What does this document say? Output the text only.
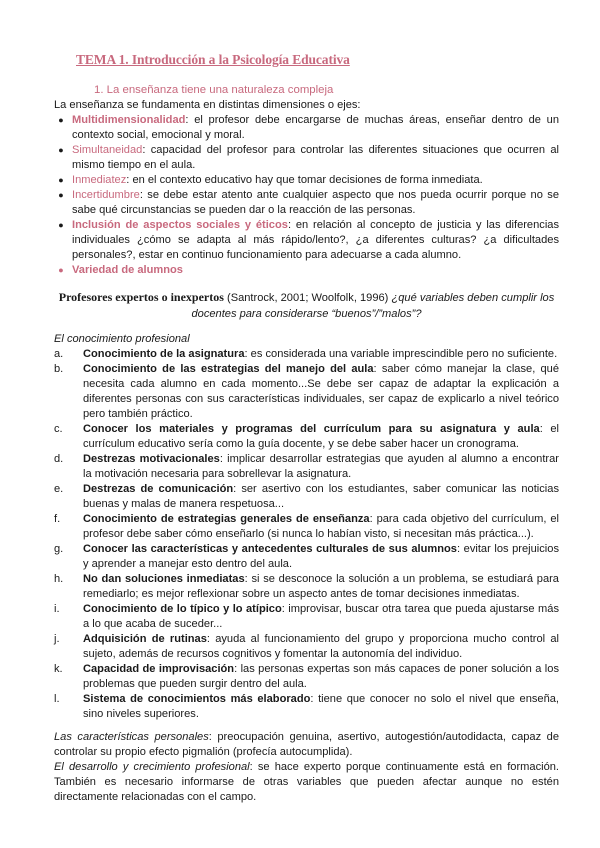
TEMA 1. Introducción a la Psicología Educativa
1. La enseñanza tiene una naturaleza compleja
La enseñanza se fundamenta en distintas dimensiones o ejes:
● Multidimensionalidad: el profesor debe encargarse de muchas áreas, enseñar dentro de un contexto social, emocional y moral.
● Simultaneidad: capacidad del profesor para controlar las diferentes situaciones que ocurren al mismo tiempo en el aula.
● Inmediatez: en el contexto educativo hay que tomar decisiones de forma inmediata.
● Incertidumbre: se debe estar atento ante cualquier aspecto que nos pueda ocurrir porque no se sabe qué circunstancias se pueden dar o la reacción de las personas.
● Inclusión de aspectos sociales y éticos: en relación al concepto de justicia y las diferencias individuales ¿cómo se adapta al más rápido/lento?, ¿a diferentes culturas? ¿a dificultades personales?, estar en continuo funcionamiento para adecuarse a cada alumno.
● Variedad de alumnos
Profesores expertos o inexpertos (Santrock, 2001; Woolfolk, 1996) ¿qué variables deben cumplir los docentes para considerarse “buenos”/”malos”?
El conocimiento profesional
a. Conocimiento de la asignatura: es considerada una variable imprescindible pero no suficiente.
b. Conocimiento de las estrategias del manejo del aula: saber cómo manejar la clase, qué necesita cada alumno en cada momento...Se debe ser capaz de adaptar la explicación a diferentes personas con sus características individuales, ser capaz de explicarlo a nivel teórico pero también práctico.
c. Conocer los materiales y programas del currículum para su asignatura y aula: el currículum educativo sería como la guía docente, y se debe saber hacer un cronograma.
d. Destrezas motivacionales: implicar desarrollar estrategias que ayuden al alumno a encontrar la motivación necesaria para sobrellevar la asignatura.
e. Destrezas de comunicación: ser asertivo con los estudiantes, saber comunicar las noticias buenas y malas de manera respetuosa...
f. Conocimiento de estrategias generales de enseñanza: para cada objetivo del currículum, el profesor debe saber cómo enseñarlo (si nunca lo habían visto, si necesitan más práctica...).
g. Conocer las características y antecedentes culturales de sus alumnos: evitar los prejuicios y aprender a manejar esto dentro del aula.
h. No dan soluciones inmediatas: si se desconoce la solución a un problema, se estudiará para remediarlo; es mejor reflexionar sobre un aspecto antes de tomar decisiones inmediatas.
i. Conocimiento de lo típico y lo atípico: improvisar, buscar otra tarea que pueda ajustarse más a lo que acaba de suceder...
j. Adquisición de rutinas: ayuda al funcionamiento del grupo y proporciona mucho control al sujeto, además de recursos cognitivos y fomentar la autonomía del individuo.
k. Capacidad de improvisación: las personas expertas son más capaces de poner solución a los problemas que pueden surgir dentro del aula.
l. Sistema de conocimientos más elaborado: tiene que conocer no solo el nivel que enseña, sino niveles superiores.

Las características personales: preocupación genuina, asertivo, autogestión/autodidacta, capaz de controlar su propio efecto pigmalión (profecía autocumplida).

El desarrollo y crecimiento profesional: se hace experto porque continuamente está en formación. También es necesario informarse de otras variables que pueden afectar aunque no estén directamente relacionadas con el campo.
